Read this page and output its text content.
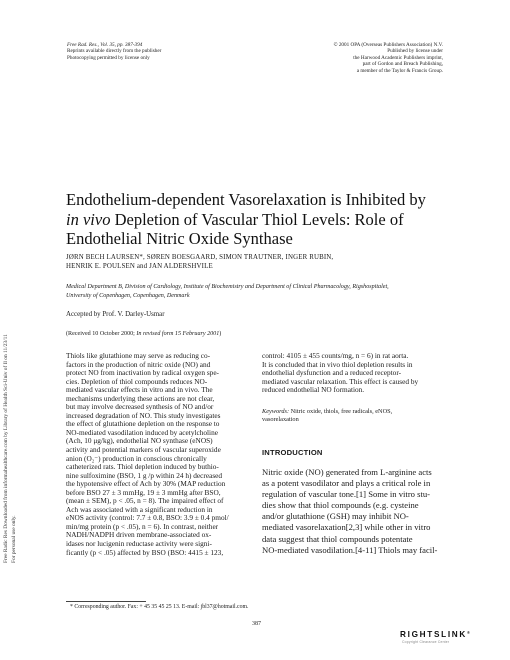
Free Radic Res Downloaded from informahealthcare.com by Library of Health Sci-Univ of Il on 11/23/11 For personal use only.
Free Rad. Res., Vol. 35, pp. 387-394
Reprints available directly from the publisher
Photocopying permitted by license only
© 2001 OPA (Overseas Publishers Association) N.V.
Published by license under
the Harwood Academic Publishers imprint,
part of Gordon and Breach Publishing,
a member of the Taylor & Francis Group.
Endothelium-dependent Vasorelaxation is Inhibited by
in vivo Depletion of Vascular Thiol Levels: Role of
Endothelial Nitric Oxide Synthase
JØRN BECH LAURSEN*, SØREN BOESGAARD, SIMON TRAUTNER, INGER RUBIN,
HENRIK E. POULSEN and JAN ALDERSHVILE
Medical Department B, Division of Cardiology, Institute of Biochemistry and Department of Clinical Pharmacology, Rigshospitalet,
University of Copenhagen, Copenhagen, Denmark
Accepted by Prof. V. Darley-Usmar
(Received 10 October 2000; In revised form 15 February 2001)
Thiols like glutathione may serve as reducing co-
factors in the production of nitric oxide (NO) and
protect NO from inactivation by radical oxygen spe-
cies. Depletion of thiol compounds reduces NO-
mediated vascular effects in vitro and in vivo. The
mechanisms underlying these actions are not clear,
but may involve decreased synthesis of NO and/or
increased degradation of NO. This study investigates
the effect of glutathione depletion on the response to
NO-mediated vasodilation induced by acetylcholine
(Ach, 10 μg/kg), endothelial NO synthase (eNOS)
activity and potential markers of vascular superoxide
anion (O₂⁻) production in conscious chronically
catheterized rats. Thiol depletion induced by buthio-
nine sulfoximine (BSO, 1 g /p within 24 h) decreased
the hypotensive effect of Ach by 30% (MAP reduction
before BSO 27 ± 3 mmHg, 19 ± 3 mmHg after BSO,
(mean ± SEM), p < .05, n = 8). The impaired effect of
Ach was associated with a significant reduction in
eNOS activity (control: 7.7 ± 0.8, BSO: 3.9 ± 0.4 pmol/
min/mg protein (p < .05), n = 6). In contrast, neither
NADH/NADPH driven membrane-associated ox-
idases nor lucigenin reductase activity were signi-
ficantly (p < .05) affected by BSO (BSO: 4415 ± 123,
control: 4105 ± 455 counts/mg, n = 6) in rat aorta.
It is concluded that in vivo thiol depletion results in
endothelial dysfunction and a reduced receptor-
mediated vascular relaxation. This effect is caused by
reduced endothelial NO formation.
Keywords: Nitric oxide, thiols, free radicals, eNOS,
vasorelaxation
INTRODUCTION
Nitric oxide (NO) generated from L-arginine acts
as a potent vasodilator and plays a critical role in
regulation of vascular tone.[1] Some in vitro stu-
dies show that thiol compounds (e.g. cysteine
and/or glutathione (GSH) may inhibit NO-
mediated vasorelaxation[2,3] while other in vitro
data suggest that thiol compounds potentate
NO-mediated vasodilation.[4-11] Thiols may facil-
* Corresponding author. Fax: + 45 35 45 25 13. E-mail: jbl37@hotmail.com.
387
RIGHTSLINK®
Copyright Clearance Center
